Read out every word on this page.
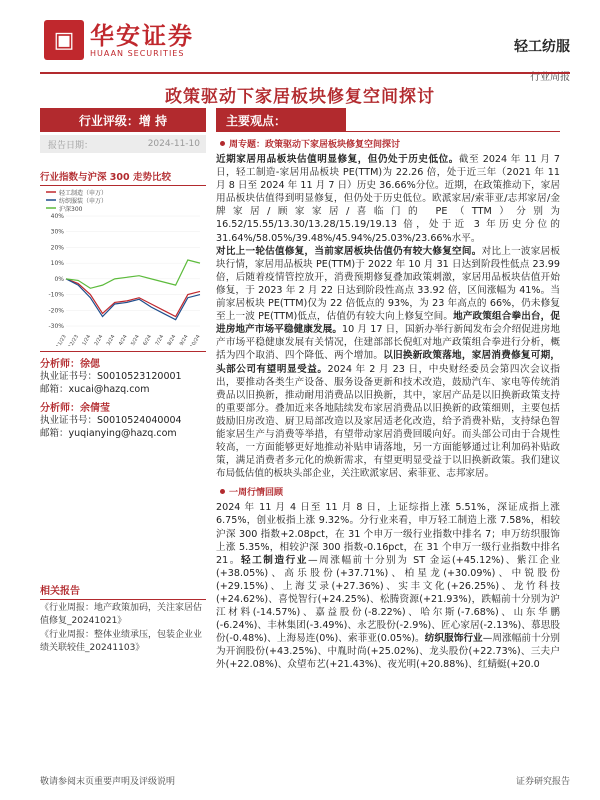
▣ 华安证券
HUAAN SECURITIES	轻工纺服
行业周报
政策驱动下家居板块修复空间探讨
行业评级：增 持
报告日期：	2024-11-10
行业指数与沪深 300 走势比较
轻工制造（申万）
纺织服装（申万）
沪深300
40%
30%
20%
10%
0%
-10%
-20%
-30%
11/23 12/23 1/24 2/24 3/24 4/24 5/24 6/24 7/24 8/24 9/24 10/24
分析师：徐偲
执业证书号：S0010523120001
邮箱：xucai@hazq.com
分析师：余倩莹
执业证书号：S0010524040004
邮箱：yuqianying@hazq.com
相关报告
《行业周报：地产政策加码，关注家居估值修复_20241021》
《行业周报：整体业绩承压，包装企业业绩关联较佳_20241103》
主要观点：
周专题：政策驱动下家居板块修复空间探讨
近期家居用品板块估值明显修复，但仍处于历史低位。截至 2024 年 11 月 7 日，轻工制造-家居用品板块 PE(TTM)为 22.26 倍，处于近三年（2021 年 11 月 8 日至 2024 年 11 月 7 日）历史 36.66%分位。近期，在政策推动下，家居用品板块估值得到明显修复，但仍处于历史低位。欧派家居/索菲亚/志邦家居/金牌家居/顾家家居/喜临门的 PE（TTM）分别为 16.52/15.55/13.30/13.28/15.19/19.13 倍，处于近 3 年历史分位的 31.64%/58.05%/39.48%/45.94%/25.03%/23.66%水平。
对比上一轮估值修复，当前家居板块估值仍有较大修复空间。对比上一波家居板块行情，家居用品板块 PE(TTM)于 2022 年 10 月 31 日达到阶段性低点 23.99 倍，后随着疫情管控放开，消费预期修复叠加政策刺激，家居用品板块估值开始修复，于 2023 年 2 月 22 日达到阶段性高点 33.92 倍，区间涨幅为 41%。当前家居板块 PE(TTM)仅为 22 倍低点的 93%，为 23 年高点的 66%，仍未修复至上一波 PE(TTM)低点，估值仍有较大向上修复空间。地产政策组合拳出台，促进房地产市场平稳健康发展。10 月 17 日，国新办举行新闻发布会介绍促进房地产市场平稳健康发展有关情况，住建部部长倪虹对地产政策组合拳进行分析，概括为四个取消、四个降低、两个增加。以旧换新政策落地，家居消费修复可期，头部公司有望明显受益。2024 年 2 月 23 日，中央财经委员会第四次会议指出，要推动各类生产设备、服务设备更新和技术改造，鼓励汽车、家电等传统消费品以旧换新，推动耐用消费品以旧换新，其中，家居产品是以旧换新政策支持的重要部分。叠加近来各地陆续发布家居消费品以旧换新的政策细则，主要包括鼓励旧房改造、厨卫局部改造以及家居适老化改造，给予消费补贴，支持绿色智能家居生产与消费等举措，有望带动家居消费回暖向好。而头部公司由于合规性较高，一方面能够更好地推动补贴申请落地，另一方面能够通过让利加码补贴政策，满足消费者多元化的焕新需求，有望更明显受益于以旧换新政策。我们建议布局低估值的板块头部企业，关注欧派家居、索菲亚、志邦家居。
一周行情回顾
2024 年 11 月 4 日至 11 月 8 日，上证综指上涨 5.51%，深证成指上涨 6.75%，创业板指上涨 9.32%。分行业来看，申万轻工制造上涨 7.58%，相较沪深 300 指数+2.08pct，在 31 个申万一级行业指数中排名 7；申万纺织服饰上涨 5.35%，相较沪深 300 指数-0.16pct，在 31 个申万一级行业指数中排名 21。轻工制造行业—周涨幅前十分别为 ST 金运(+45.12%)、紫江企业(+38.05%)、高乐股份(+37.71%)、柏星龙(+30.09%)、中锐股份(+29.15%)、上海艾录(+27.36%)、实丰文化(+26.25%)、龙竹科技(+24.62%)、喜悦智行(+24.25%)、松腾资源(+21.93%)，跌幅前十分别为沪江材料(-14.57%)、嘉益股份(-8.22%)、哈尔斯(-7.68%)、山东华鹏(-6.24%)、丰林集团(-3.49%)、永艺股份(-2.9%)、匠心家居(-2.13%)、慕思股份(-0.48%)、上海易连(0%)、索菲亚(0.05%)。纺织服饰行业—周涨幅前十分别为开润股份(+43.25%)、中胤时尚(+25.02%)、龙头股份(+22.73%)、三夫户外(+22.08%)、众望布艺(+21.43%)、夜光明(+20.88%)、红蜻蜓(+20.0
敬请参阅末页重要声明及评级说明	证券研究报告
